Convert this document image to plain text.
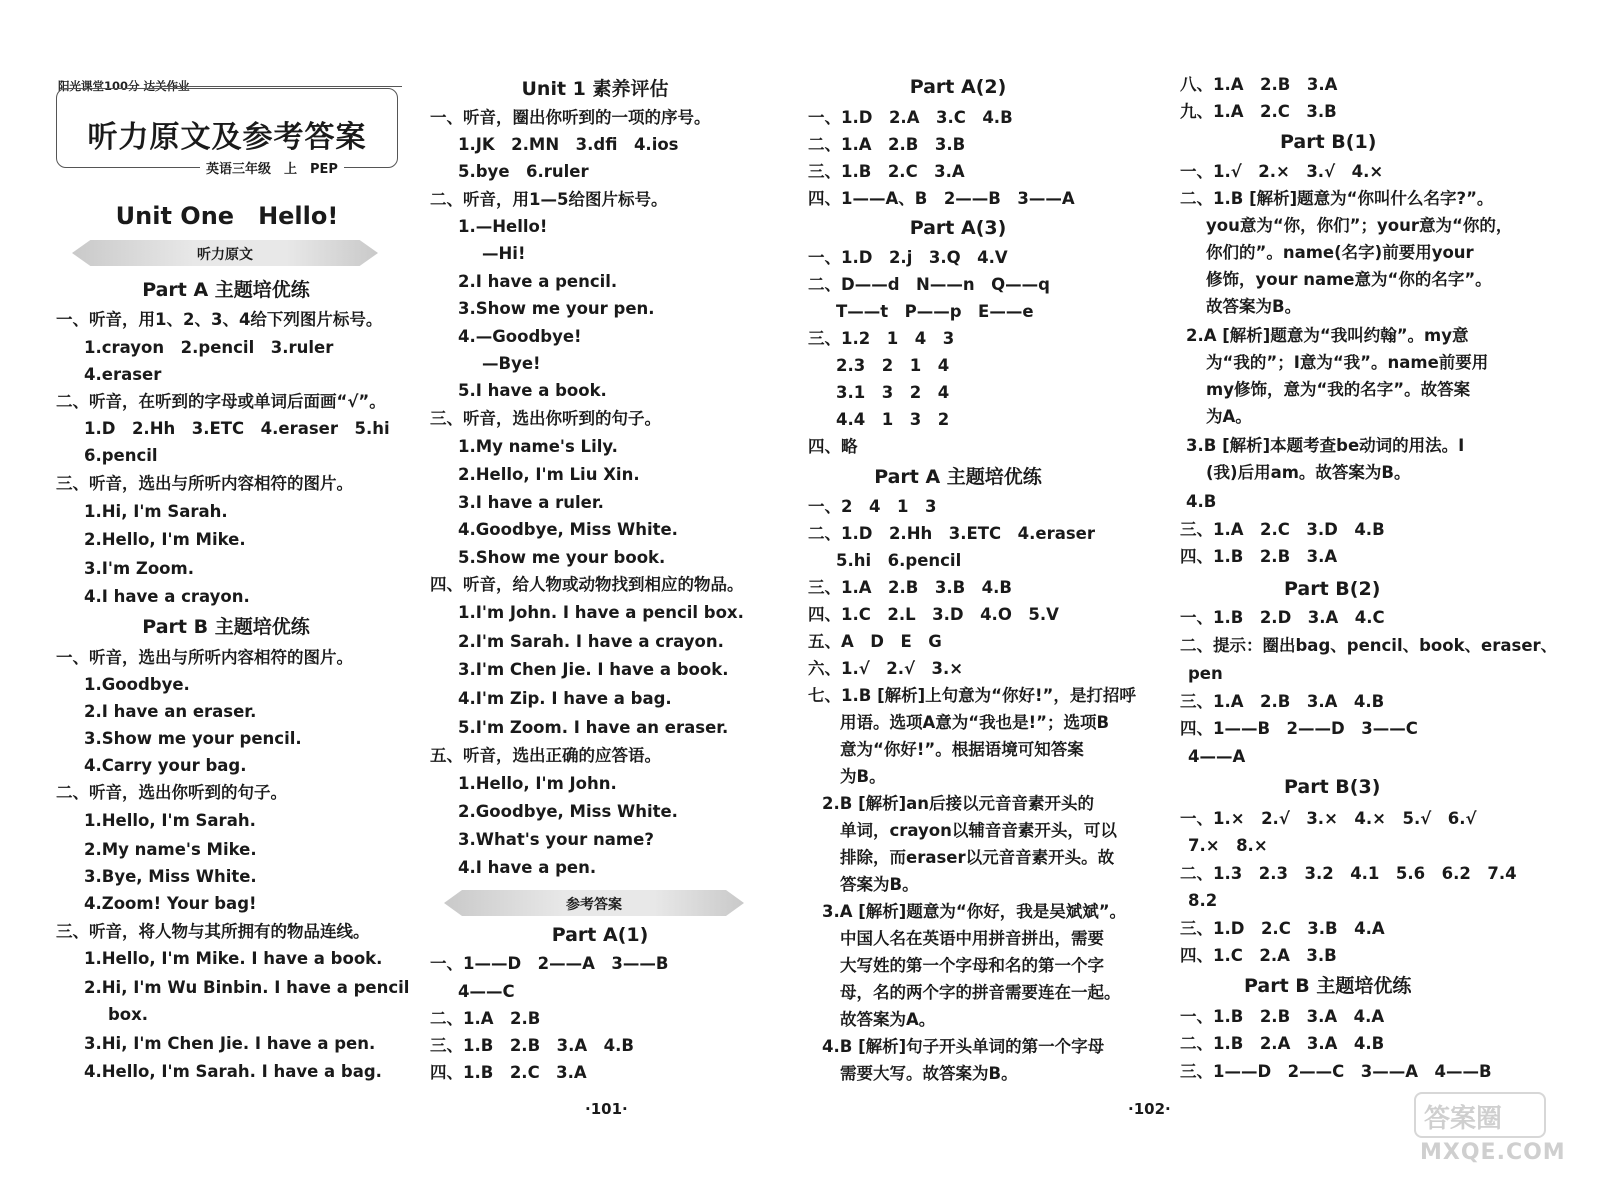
阳光课堂100分 达关作业
听力原文及参考答案
英语三年级　上　PEP
Unit One　Hello!
听力原文
Part A 主题培优练
一、听音，用1、2、3、4给下列图片标号。
1.crayon　2.pencil　3.ruler
4.eraser
二、听音，在听到的字母或单词后面画“√”。
1.D　2.Hh　3.ETC　4.eraser　5.hi
6.pencil
三、听音，选出与所听内容相符的图片。
1.Hi, I'm Sarah.
2.Hello, I'm Mike.
3.I'm Zoom.
4.I have a crayon.
Part B 主题培优练
一、听音，选出与所听内容相符的图片。
1.Goodbye.
2.I have an eraser.
3.Show me your pencil.
4.Carry your bag.
二、听音，选出你听到的句子。
1.Hello, I'm Sarah.
2.My name's Mike.
3.Bye, Miss White.
4.Zoom! Your bag!
三、听音，将人物与其所拥有的物品连线。
1.Hello, I'm Mike. I have a book.
2.Hi, I'm Wu Binbin. I have a pencil
box.
3.Hi, I'm Chen Jie. I have a pen.
4.Hello, I'm Sarah. I have a bag.
Unit 1 素养评估
一、听音，圈出你听到的一项的序号。
1.JK　2.MN　3.dfi　4.ios
5.bye　6.ruler
二、听音，用1—5给图片标号。
1.—Hello!
—Hi!
2.I have a pencil.
3.Show me your pen.
4.—Goodbye!
—Bye!
5.I have a book.
三、听音，选出你听到的句子。
1.My name's Lily.
2.Hello, I'm Liu Xin.
3.I have a ruler.
4.Goodbye, Miss White.
5.Show me your book.
四、听音，给人物或动物找到相应的物品。
1.I'm John. I have a pencil box.
2.I'm Sarah. I have a crayon.
3.I'm Chen Jie. I have a book.
4.I'm Zip. I have a bag.
5.I'm Zoom. I have an eraser.
五、听音，选出正确的应答语。
1.Hello, I'm John.
2.Goodbye, Miss White.
3.What's your name?
4.I have a pen.
参考答案
Part A(1)
一、1——D　2——A　3——B
4——C
二、1.A　2.B
三、1.B　2.B　3.A　4.B
四、1.B　2.C　3.A
·101·
Part A(2)
一、1.D　2.A　3.C　4.B
二、1.A　2.B　3.B
三、1.B　2.C　3.A
四、1——A、B　2——B　3——A
Part A(3)
一、1.D　2.j　3.Q　4.V
二、D——d　N——n　Q——q
T——t　P——p　E——e
三、1.2　1　4　3
2.3　2　1　4
3.1　3　2　4
4.4　1　3　2
四、略
Part A 主题培优练
一、2　4　1　3
二、1.D　2.Hh　3.ETC　4.eraser
5.hi　6.pencil
三、1.A　2.B　3.B　4.B
四、1.C　2.L　3.D　4.O　5.V
五、A　D　E　G
六、1.√　2.√　3.×
七、1.B [解析]上句意为“你好!”，是打招呼
用语。选项A意为“我也是!”；选项B
意为“你好!”。根据语境可知答案
为B。
2.B [解析]an后接以元音音素开头的
单词，crayon以辅音音素开头，可以
排除，而eraser以元音音素开头。故
答案为B。
3.A [解析]题意为“你好，我是吴斌斌”。
中国人名在英语中用拼音拼出，需要
大写姓的第一个字母和名的第一个字
母，名的两个字的拼音需要连在一起。
故答案为A。
4.B [解析]句子开头单词的第一个字母
需要大写。故答案为B。
八、1.A　2.B　3.A
九、1.A　2.C　3.B
Part B(1)
一、1.√　2.×　3.√　4.×
二、1.B [解析]题意为“你叫什么名字?”。
you意为“你，你们”；your意为“你的，
你们的”。name(名字)前要用your
修饰，your name意为“你的名字”。
故答案为B。
2.A [解析]题意为“我叫约翰”。my意
为“我的”；I意为“我”。name前要用
my修饰，意为“我的名字”。故答案
为A。
3.B [解析]本题考查be动词的用法。I
(我)后用am。故答案为B。
4.B
三、1.A　2.C　3.D　4.B
四、1.B　2.B　3.A
Part B(2)
一、1.B　2.D　3.A　4.C
二、提示：圈出bag、pencil、book、eraser、
pen
三、1.A　2.B　3.A　4.B
四、1——B　2——D　3——C
4——A
Part B(3)
一、1.×　2.√　3.×　4.×　5.√　6.√
7.×　8.×
二、1.3　2.3　3.2　4.1　5.6　6.2　7.4
8.2
三、1.D　2.C　3.B　4.A
四、1.C　2.A　3.B
Part B 主题培优练
一、1.B　2.B　3.A　4.A
二、1.B　2.A　3.A　4.B
三、1——D　2——C　3——A　4——B
·102·	答案圈
MXQE.COM
